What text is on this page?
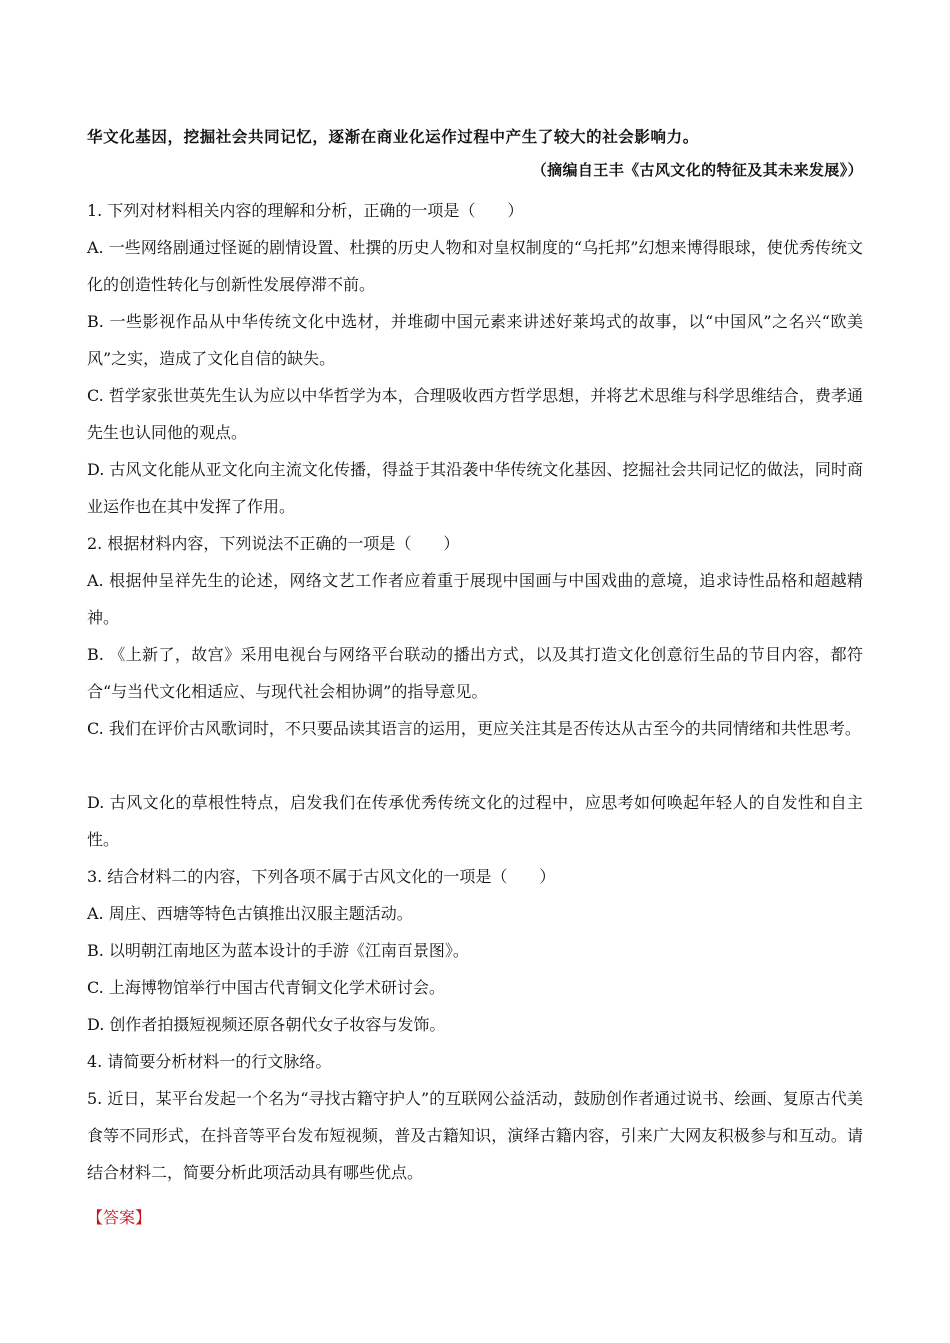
华文化基因，挖掘社会共同记忆，逐渐在商业化运作过程中产生了较大的社会影响力。
（摘编自王丰《古风文化的特征及其未来发展》）
1. 下列对材料相关内容的理解和分析，正确的一项是（　　）
A. 一些网络剧通过怪诞的剧情设置、杜撰的历史人物和对皇权制度的“乌托邦”幻想来博得眼球，使优秀传统文化的创造性转化与创新性发展停滞不前。
B. 一些影视作品从中华传统文化中选材，并堆砌中国元素来讲述好莱坞式的故事，以“中国风”之名兴“欧美风”之实，造成了文化自信的缺失。
C. 哲学家张世英先生认为应以中华哲学为本，合理吸收西方哲学思想，并将艺术思维与科学思维结合，费孝通先生也认同他的观点。
D. 古风文化能从亚文化向主流文化传播，得益于其沿袭中华传统文化基因、挖掘社会共同记忆的做法，同时商业运作也在其中发挥了作用。
2. 根据材料内容，下列说法不正确的一项是（　　）
A. 根据仲呈祥先生的论述，网络文艺工作者应着重于展现中国画与中国戏曲的意境，追求诗性品格和超越精神。
B. 《上新了，故宫》采用电视台与网络平台联动的播出方式，以及其打造文化创意衍生品的节目内容，都符合“与当代文化相适应、与现代社会相协调”的指导意见。
C. 我们在评价古风歌词时，不只要品读其语言的运用，更应关注其是否传达从古至今的共同情绪和共性思考。
D. 古风文化的草根性特点，启发我们在传承优秀传统文化的过程中，应思考如何唤起年轻人的自发性和自主性。
3. 结合材料二的内容，下列各项不属于古风文化的一项是（　　）
A. 周庄、西塘等特色古镇推出汉服主题活动。
B. 以明朝江南地区为蓝本设计的手游《江南百景图》。
C. 上海博物馆举行中国古代青铜文化学术研讨会。
D. 创作者拍摄短视频还原各朝代女子妆容与发饰。
4. 请简要分析材料一的行文脉络。
5. 近日，某平台发起一个名为“寻找古籍守护人”的互联网公益活动，鼓励创作者通过说书、绘画、复原古代美食等不同形式，在抖音等平台发布短视频，普及古籍知识，演绎古籍内容，引来广大网友积极参与和互动。请结合材料二，简要分析此项活动具有哪些优点。
【答案】
